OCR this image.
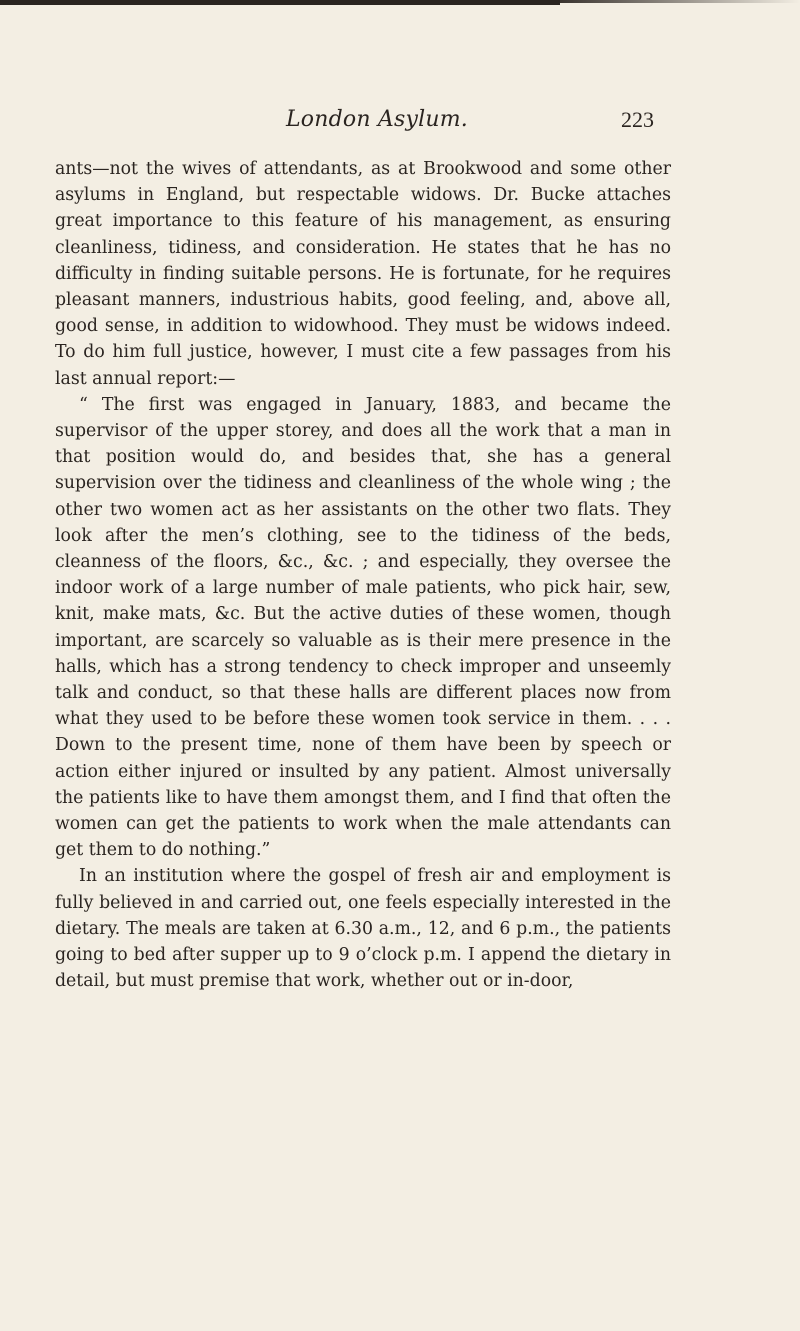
London Asylum.	223

ants—not the wives of attendants, as at Brookwood and some other asylums in England, but respectable widows. Dr. Bucke attaches great importance to this feature of his management, as ensuring cleanliness, tidiness, and consideration. He states that he has no difficulty in finding suitable persons. He is fortunate, for he requires pleasant manners, industrious habits, good feeling, and, above all, good sense, in addition to widowhood. They must be widows indeed. To do him full justice, however, I must cite a few passages from his last annual report:—

“ The first was engaged in January, 1883, and became the supervisor of the upper storey, and does all the work that a man in that position would do, and besides that, she has a general supervision over the tidiness and cleanliness of the whole wing ; the other two women act as her assistants on the other two flats. They look after the men’s clothing, see to the tidiness of the beds, cleanness of the floors, &c., &c. ; and especially, they oversee the indoor work of a large number of male patients, who pick hair, sew, knit, make mats, &c. But the active duties of these women, though important, are scarcely so valuable as is their mere presence in the halls, which has a strong tendency to check improper and unseemly talk and conduct, so that these halls are different places now from what they used to be before these women took service in them. . . . Down to the present time, none of them have been by speech or action either injured or insulted by any patient. Almost universally the patients like to have them amongst them, and I find that often the women can get the patients to work when the male attendants can get them to do nothing.”

In an institution where the gospel of fresh air and employment is fully believed in and carried out, one feels especially interested in the dietary. The meals are taken at 6.30 a.m., 12, and 6 p.m., the patients going to bed after supper up to 9 o’clock p.m. I append the dietary in detail, but must premise that work, whether out or in-door,
